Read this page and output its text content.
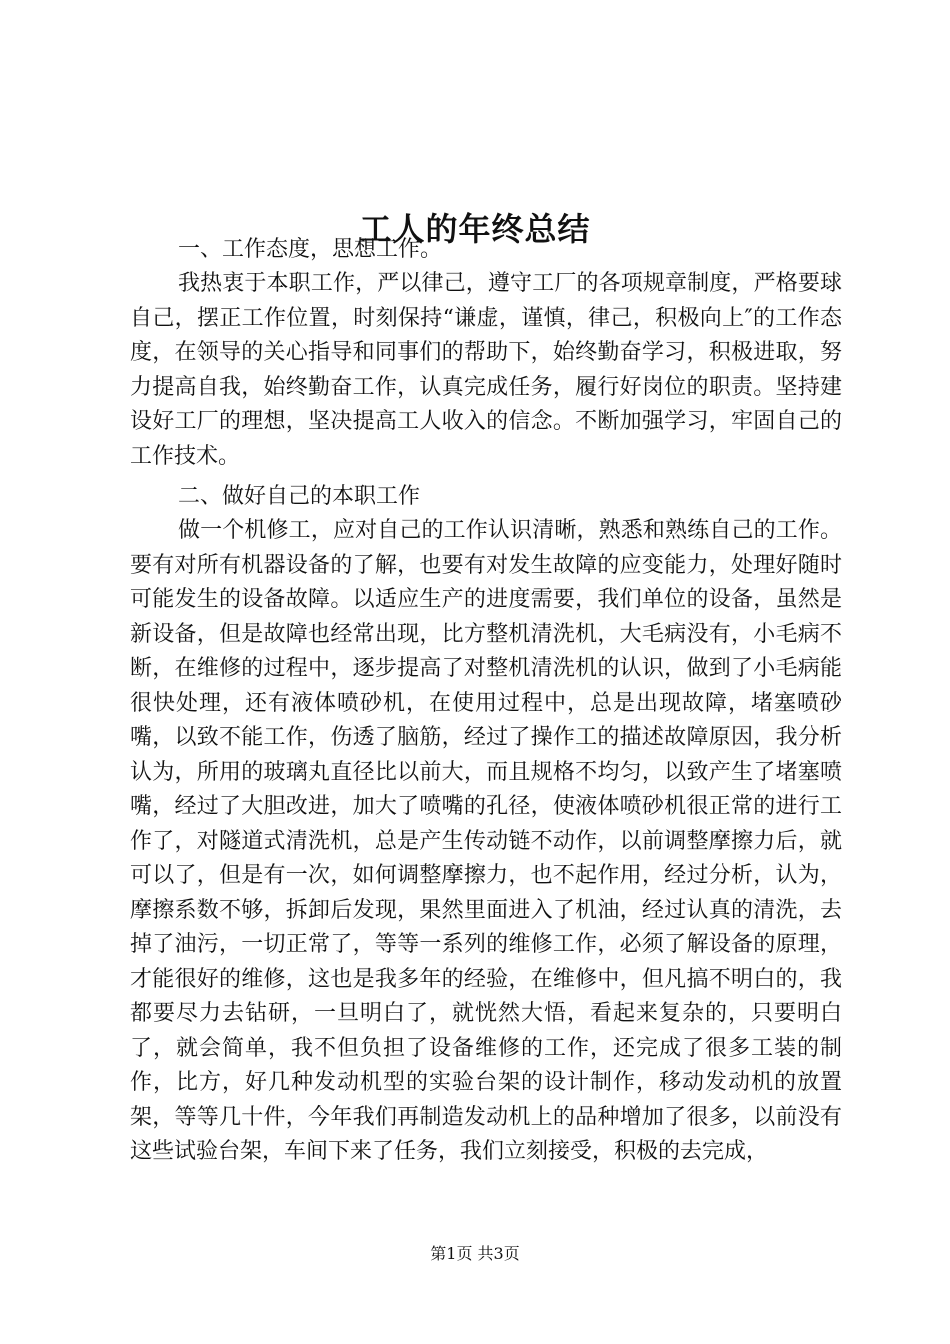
工人的年终总结

一、工作态度，思想工作。

我热衷于本职工作，严以律己，遵守工厂的各项规章制度，严格要球自己，摆正工作位置，时刻保持“谦虚，谨慎，律己，积极向上″的工作态度，在领导的关心指导和同事们的帮助下，始终勤奋学习，积极进取，努力提高自我，始终勤奋工作，认真完成任务，履行好岗位的职责。坚持建设好工厂的理想，坚决提高工人收入的信念。不断加强学习，牢固自己的工作技术。

二、做好自己的本职工作

做一个机修工，应对自己的工作认识清晰，熟悉和熟练自己的工作。要有对所有机器设备的了解，也要有对发生故障的应变能力，处理好随时可能发生的设备故障。以适应生产的进度需要，我们单位的设备，虽然是新设备，但是故障也经常出现，比方整机清洗机，大毛病没有，小毛病不断，在维修的过程中，逐步提高了对整机清洗机的认识，做到了小毛病能很快处理，还有液体喷砂机，在使用过程中，总是出现故障，堵塞喷砂嘴，以致不能工作，伤透了脑筋，经过了操作工的描述故障原因，我分析认为，所用的玻璃丸直径比以前大，而且规格不均匀，以致产生了堵塞喷嘴，经过了大胆改进，加大了喷嘴的孔径，使液体喷砂机很正常的进行工作了，对隧道式清洗机，总是产生传动链不动作，以前调整摩擦力后，就可以了，但是有一次，如何调整摩擦力，也不起作用，经过分析，认为，摩擦系数不够，拆卸后发现，果然里面进入了机油，经过认真的清洗，去掉了油污，一切正常了，等等一系列的维修工作，必须了解设备的原理，才能很好的维修，这也是我多年的经验，在维修中，但凡搞不明白的，我都要尽力去钻研，一旦明白了，就恍然大悟，看起来复杂的，只要明白了，就会简单，我不但负担了设备维修的工作，还完成了很多工装的制作，比方，好几种发动机型的实验台架的设计制作，移动发动机的放置架，等等几十件，今年我们再制造发动机上的品种增加了很多，以前没有这些试验台架，车间下来了任务，我们立刻接受，积极的去完成，

第1页 共3页
